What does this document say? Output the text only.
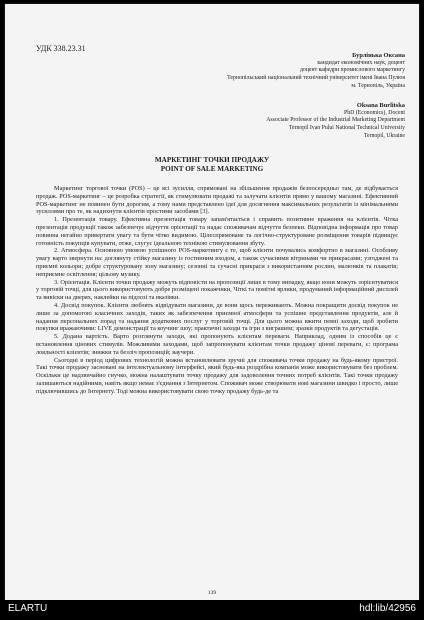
УДК 338.23.31
Бурлінька Оксана
кандидат економічних наук, доцент
доцент кафедри промислового маркетингу
Тернопільський національний технічний університет імені Івана Пулюя
м. Тернопіль, Україна
Oksana Burlitska
PhD (Economics), Docent
Associate Professor of the Industrial Marketing Department
Ternopil Ivan Pului National Technical University
Ternopil, Ukraine
МАРКЕТИНГ ТОЧКИ ПРОДАЖУ
POINT OF SALE MARKETING

Маркетинг торгової точки (POS) – це всі зусилля, спрямовані на збільшення продажів безпосередньо там, де відбувається продаж. POS-маркетинг – це розробка стратегії, як стимулювати продажі та залучати клієнтів прямо у вашому магазині. Ефективний POS-маркетинг не повинен бути дорогим, а тому нами представлено ідеї для досягнення максимальних результатів із мінімальними зусиллями про те, як надихнути клієнтів простими засобами [3].

1. Презентація товару. Ефективна презентація товару запам'ятається і справить позитивне враження на клієнтів. Чітка презентація продукції також забезпечує відчуття орієнтації та надає споживачам відчуття безпеки. Відповідна інформація про товар повинна негайно привертати увагу та бути чітко видимою. Цілеспрямоване та логічно-структуроване розміщення товарів підвищує готовність покупців купувати, отже, слугує ідеальною технікою стимулювання збуту.

2. Атмосфера. Основною умовою успішного POS-маркетингу є те, щоб клієнти почувались комфортно в магазині. Особливу увагу варто звернути на: доглянуту стійку магазину із гостинним входом, а також сучасними вітринами чи прикрасами; узгоджені та приємні кольори; добре структуровану зону магазину; сезонні та сучасні прикраси з використанням рослин, малюнків та плакатів; неприємне освітлення; цільову музику.

3. Орієнтація. Клієнти точки продажу можуть відповісти на пропозиції лише в тому випадку, якщо вони можуть зорієнтуватися у торговій точці, для цього використовують добре розміщені покажчики, Чіткі та помітні ярлики, продуманий інформаційний дисплей та вивіски на дверях, наклейки на підлозі та вказівки.

4. Досвід покупок. Клієнти люблять відвідувати магазини, де вони щось переживають. Можна покращити досвід покупок не лише за допомогою класичних заходів, таких як забезпечення приємної атмосфери та успішне представлення продуктів, але й надання персональних порад та надання додаткових послуг у торговій точці. Для цього можна вжити певні заходи, щоб зробити покупки вражаючими: LIVE демонстрації та коучинг шоу; практичні заходи та ігри з виграшем; зразки продуктів та дегустація.

5. Додана вартість. Варто розглянути заходи, які пропонують клієнтам переваги. Наприклад, одним із способів це є встановлення цінових стимулів. Можливими заходами, щоб запропонувати клієнтам точки продажу цінові переваги, є: програма лояльності клієнтів; знижки та безліч пропозицій; ваучери.

Сьогодні в період цифрових технологій можна встановлювати зручні для споживача точки продажу на будь-якому пристрої. Такі точки продажу засновані на інтелектуальному інтерфейсі, який будь-яка роздрібна компанія може використовувати без проблем. Оскільки це надзвичайно гнучко, можна налаштувати точку продажу для задоволення точних потреб клієнтів. Такі точки продажу залишаються надійними, навіть якщо немає з'єднання з Інтернетом. Споживач може створювати нові магазини швидко і просто, лише підключившись до Інтернету. Тоді можна використовувати свою точку продажу будь-де та

139
ELARTU	hdl:lib/42956
